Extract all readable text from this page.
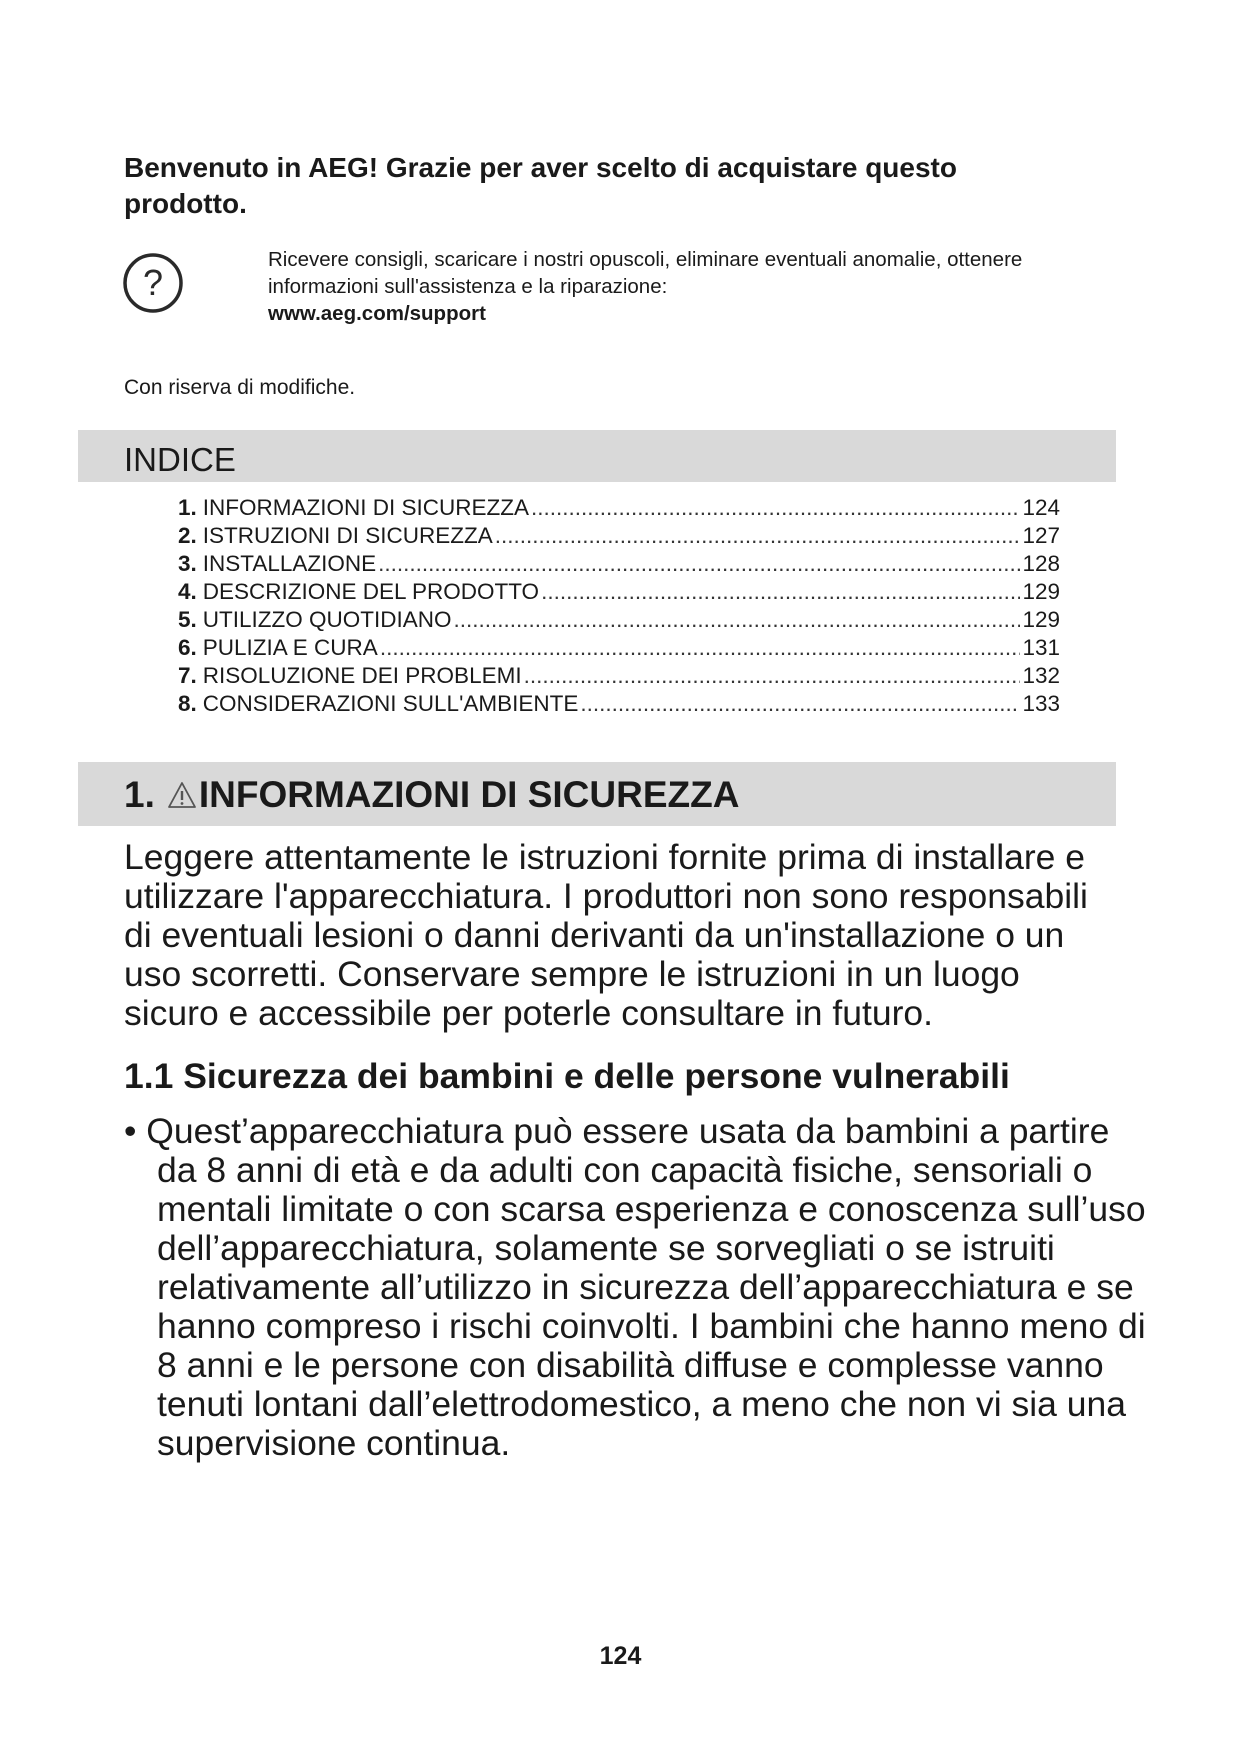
Benvenuto in AEG! Grazie per aver scelto di acquistare questo prodotto.
?
Ricevere consigli, scaricare i nostri opuscoli, eliminare eventuali anomalie, ottenere informazioni sull'assistenza e la riparazione:
www.aeg.com/support
Con riserva di modifiche.
INDICE
1. INFORMAZIONI DI SICUREZZA .....	124
2. ISTRUZIONI DI SICUREZZA .....	127
3. INSTALLAZIONE .....	128
4. DESCRIZIONE DEL PRODOTTO .....	129
5. UTILIZZO QUOTIDIANO .....	129
6. PULIZIA E CURA .....	131
7. RISOLUZIONE DEI PROBLEMI .....	132
8. CONSIDERAZIONI SULL'AMBIENTE .....	133
1. INFORMAZIONI DI SICUREZZA

Leggere attentamente le istruzioni fornite prima di installare e utilizzare l'apparecchiatura. I produttori non sono responsabili di eventuali lesioni o danni derivanti da un'installazione o un uso scorretti. Conservare sempre le istruzioni in un luogo sicuro e accessibile per poterle consultare in futuro.

1.1 Sicurezza dei bambini e delle persone vulnerabili

• Quest’apparecchiatura può essere usata da bambini a partire da 8 anni di età e da adulti con capacità fisiche, sensoriali o mentali limitate o con scarsa esperienza e conoscenza sull’uso dell’apparecchiatura, solamente se sorvegliati o se istruiti relativamente all’utilizzo in sicurezza dell’apparecchiatura e se hanno compreso i rischi coinvolti. I bambini che hanno meno di 8 anni e le persone con disabilità diffuse e complesse vanno tenuti lontani dall’elettrodomestico, a meno che non vi sia una supervisione continua.

124
